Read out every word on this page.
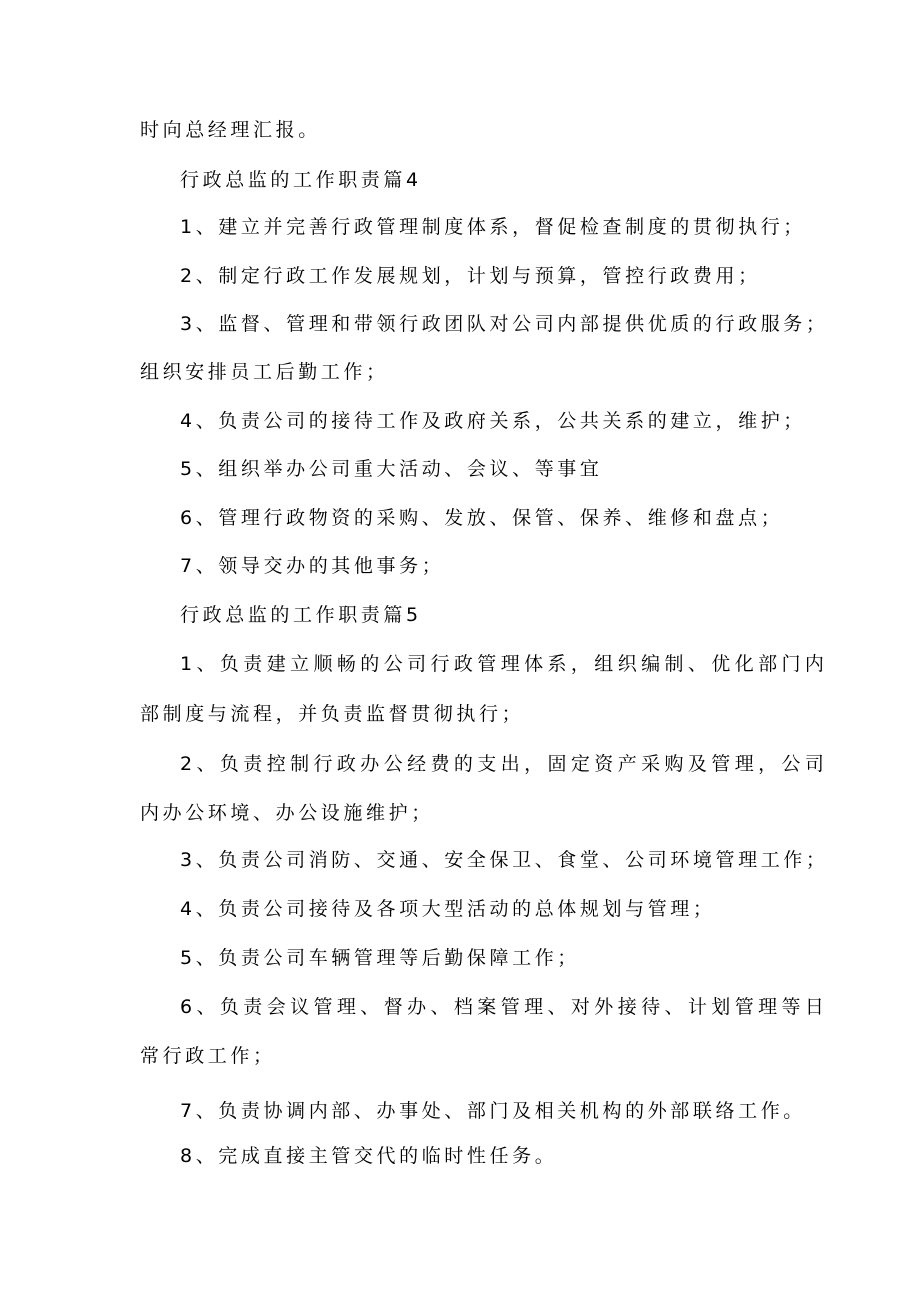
时向总经理汇报。

行政总监的工作职责篇4

1、建立并完善行政管理制度体系，督促检查制度的贯彻执行；

2、制定行政工作发展规划，计划与预算，管控行政费用；

3、监督、管理和带领行政团队对公司内部提供优质的行政服务；

组织安排员工后勤工作；

4、负责公司的接待工作及政府关系，公共关系的建立，维护；

5、组织举办公司重大活动、会议、等事宜

6、管理行政物资的采购、发放、保管、保养、维修和盘点；

7、领导交办的其他事务；

行政总监的工作职责篇5

1、负责建立顺畅的公司行政管理体系，组织编制、优化部门内

部制度与流程，并负责监督贯彻执行；

2、负责控制行政办公经费的支出，固定资产采购及管理，公司

内办公环境、办公设施维护；

3、负责公司消防、交通、安全保卫、食堂、公司环境管理工作；

4、负责公司接待及各项大型活动的总体规划与管理；

5、负责公司车辆管理等后勤保障工作；

6、负责会议管理、督办、档案管理、对外接待、计划管理等日

常行政工作；

7、负责协调内部、办事处、部门及相关机构的外部联络工作。

8、完成直接主管交代的临时性任务。
